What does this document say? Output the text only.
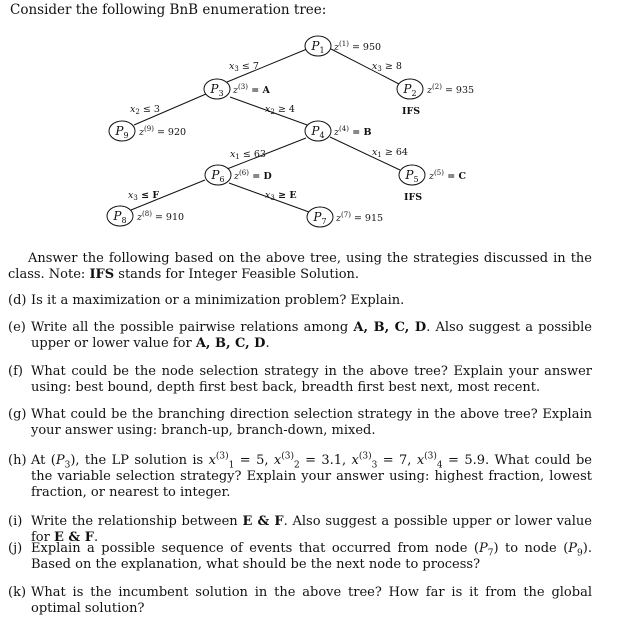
Consider the following BnB enumeration tree:
$P_1$ $z^{(1)} = 950$
$P_3$ $z^{(3)} = A$	$P_2$ $z^{(2)} = 935$
IFS
$P_9$ $z^{(9)} = 920$	$P_4$ $z^{(4)} = B$
$P_6$ $z^{(6)} = D$	$P_5$ $z^{(5)} = C$
IFS
$P_8$ $z^{(8)} = 910$	$P_7$ $z^{(7)} = 915$
$x_3 \le 7$	$x_3 \ge 8$
$x_2 \le 3$	$x_2 \ge 4$
$x_1 \le 63$	$x_1 \ge 64$
$x_3 \le F$	$x_3 \ge E$
Answer the following based on the above tree, using the strategies discussed in the class. Note: IFS stands for Integer Feasible Solution.
(d) Is it a maximization or a minimization problem? Explain.
(e) Write all the possible pairwise relations among A, B, C, D. Also suggest a possible upper or lower value for A, B, C, D.
(f) What could be the node selection strategy in the above tree? Explain your answer using: best bound, depth first best back, breadth first best next, most recent.
(g) What could be the branching direction selection strategy in the above tree? Explain your answer using: branch-up, branch-down, mixed.
(h) At $(P_3)$, the LP solution is $x^{(3)}_1 = 5$, $x^{(3)}_2 = 3.1$, $x^{(3)}_3 = 7$, $x^{(3)}_4 = 5.9$. What could be the variable selection strategy? Explain your answer using: highest fraction, lowest fraction, or nearest to integer.
(i) Write the relationship between E & F. Also suggest a possible upper or lower value for E & F.
(j) Explain a possible sequence of events that occurred from node $(P_7)$ to node $(P_9)$. Based on the explanation, what should be the next node to process?
(k) What is the incumbent solution in the above tree? How far is it from the global optimal solution?
